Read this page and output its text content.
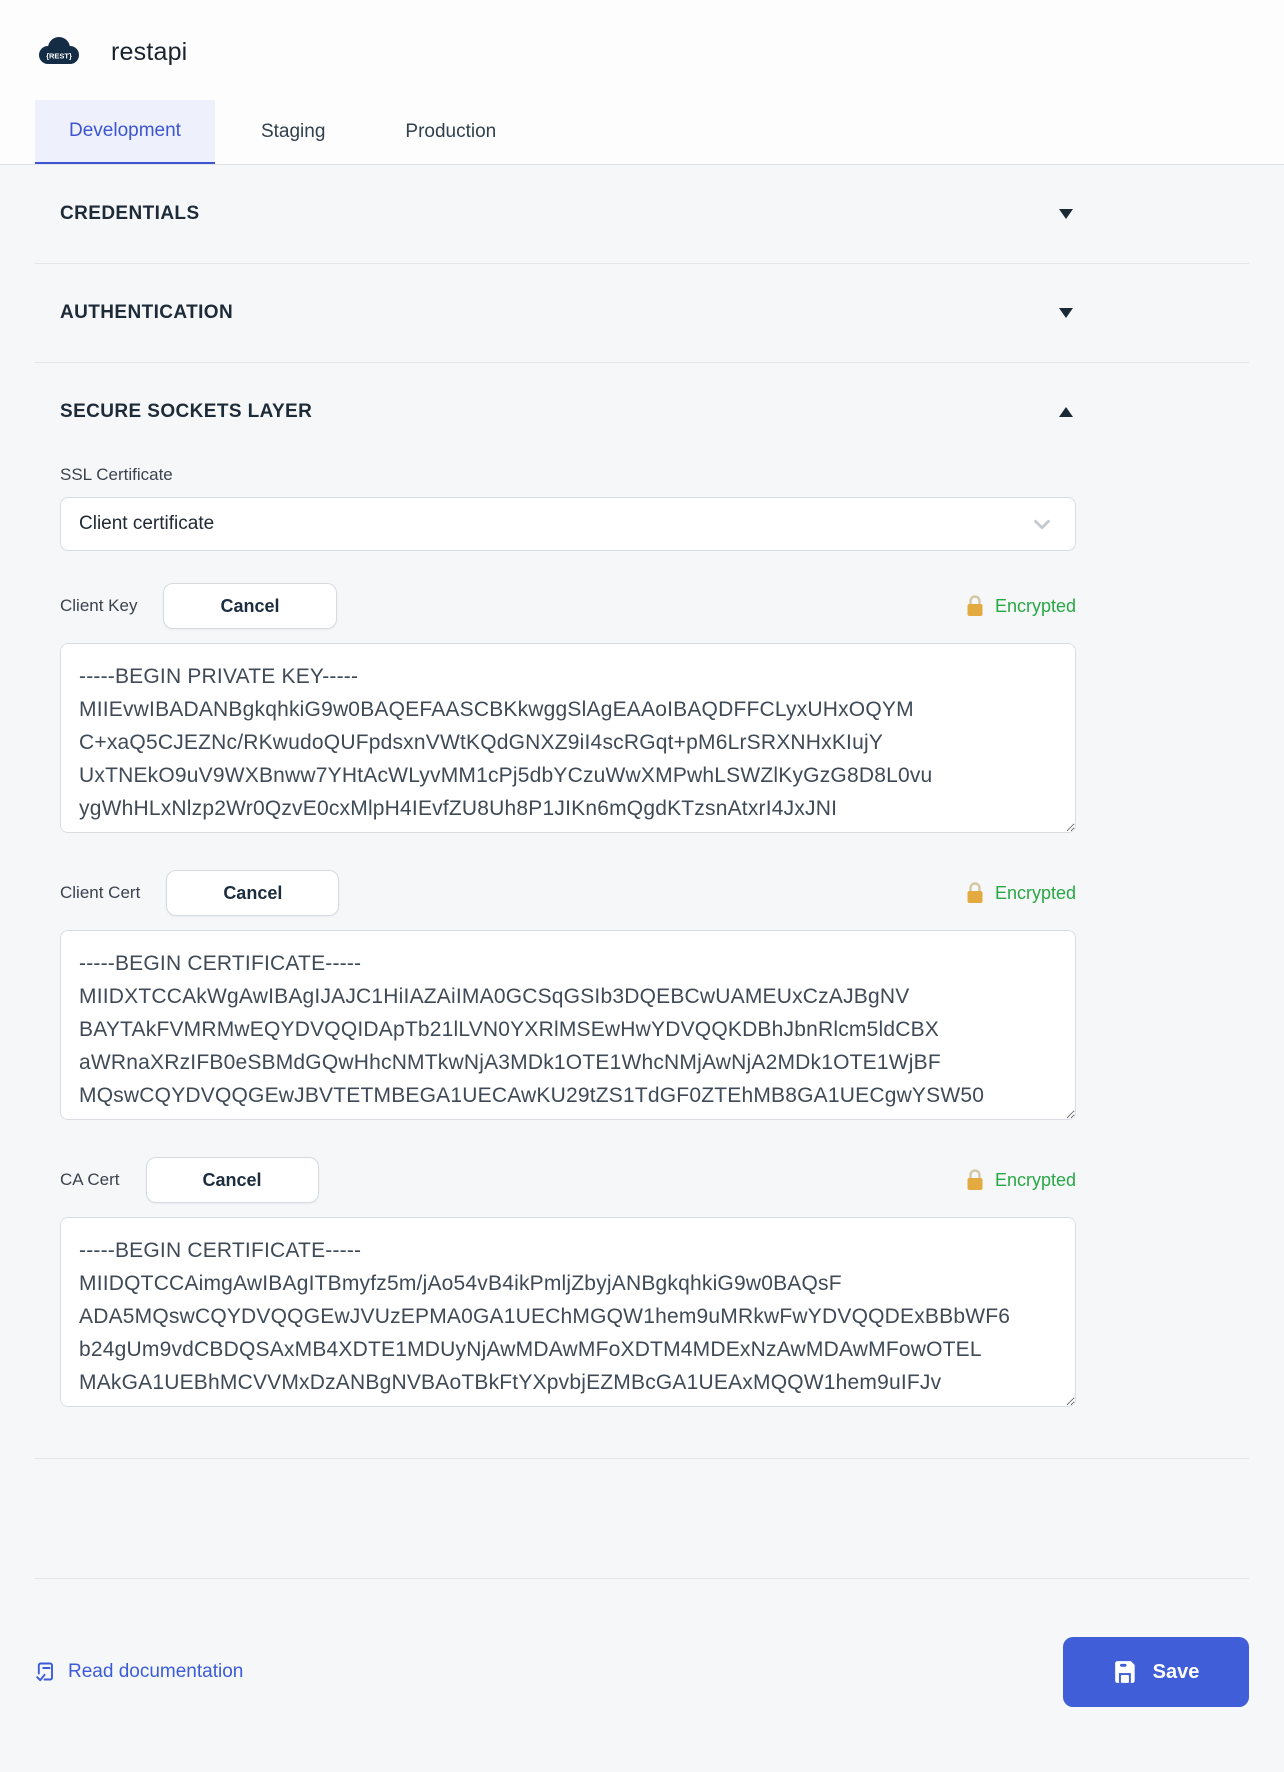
{REST} restapi
Development	Staging	Production
CREDENTIALS
AUTHENTICATION
SECURE SOCKETS LAYER
SSL Certificate
Client certificate
Client Key	Cancel	Encrypted
-----BEGIN PRIVATE KEY----- MIIEvwIBADANBgkqhkiG9w0BAQEFAASCBKkwggSlAgEAAoIBAQDFFCLyxUHxOQYM C+xaQ5CJEZNc/RKwudoQUFpdsxnVWtKQdGNXZ9iI4scRGqt+pM6LrSRXNHxKIujY UxTNEkO9uV9WXBnww7YHtAcWLyvMM1cPj5dbYCzuWwXMPwhLSWZlKyGzG8D8L0vu ygWhHLxNlzp2Wr0QzvE0cxMlpH4IEvfZU8Uh8P1JIKn6mQgdKTzsnAtxrI4JxJNI I4qzGiY2OtZi5awWNWcAWQbVHQWedMeI9guHNxGg5hJkLm2NoPqRsTuVwXyZa1Bc
Client Cert	Cancel	Encrypted
-----BEGIN CERTIFICATE----- MIIDXTCCAkWgAwIBAgIJAJC1HiIAZAiIMA0GCSqGSIb3DQEBCwUAMEUxCzAJBgNV BAYTAkFVMRMwEQYDVQQIDApTb21lLVN0YXRlMSEwHwYDVQQKDBhJbnRlcm5ldCBX aWRnaXRzIFB0eSBMdGQwHhcNMTkwNjA3MDk1OTE1WhcNMjAwNjA2MDk1OTE1WjBF MQswCQYDVQQGEwJBVTETMBEGA1UECAwKU29tZS1TdGF0ZTEhMB8GA1UECgwYSW50 ZXJuZXQgV2lkZ2l0cyBQdHkgTHRkMIIBIjANBgkqhkiG9w0BAQEFAAOCAQ8AMIIB
CA Cert	Cancel	Encrypted
-----BEGIN CERTIFICATE----- MIIDQTCCAimgAwIBAgITBmyfz5m/jAo54vB4ikPmljZbyjANBgkqhkiG9w0BAQsF ADA5MQswCQYDVQQGEwJVUzEPMA0GA1UEChMGQW1hem9uMRkwFwYDVQQDExBBbWF6 b24gUm9vdCBDQSAxMB4XDTE1MDUyNjAwMDAwMFoXDTM4MDExNzAwMDAwMFowOTEL MAkGA1UEBhMCVVMxDzANBgNVBAoTBkFtYXpvbjEZMBcGA1UEAxMQQW1hem9uIFJv b3QgQ0EgMTCCASIwDQYJKoZIhvcNAQEBBQADggEPADCCAQoCggEBALJ4gHHKeNXj
Read documentation	Save
